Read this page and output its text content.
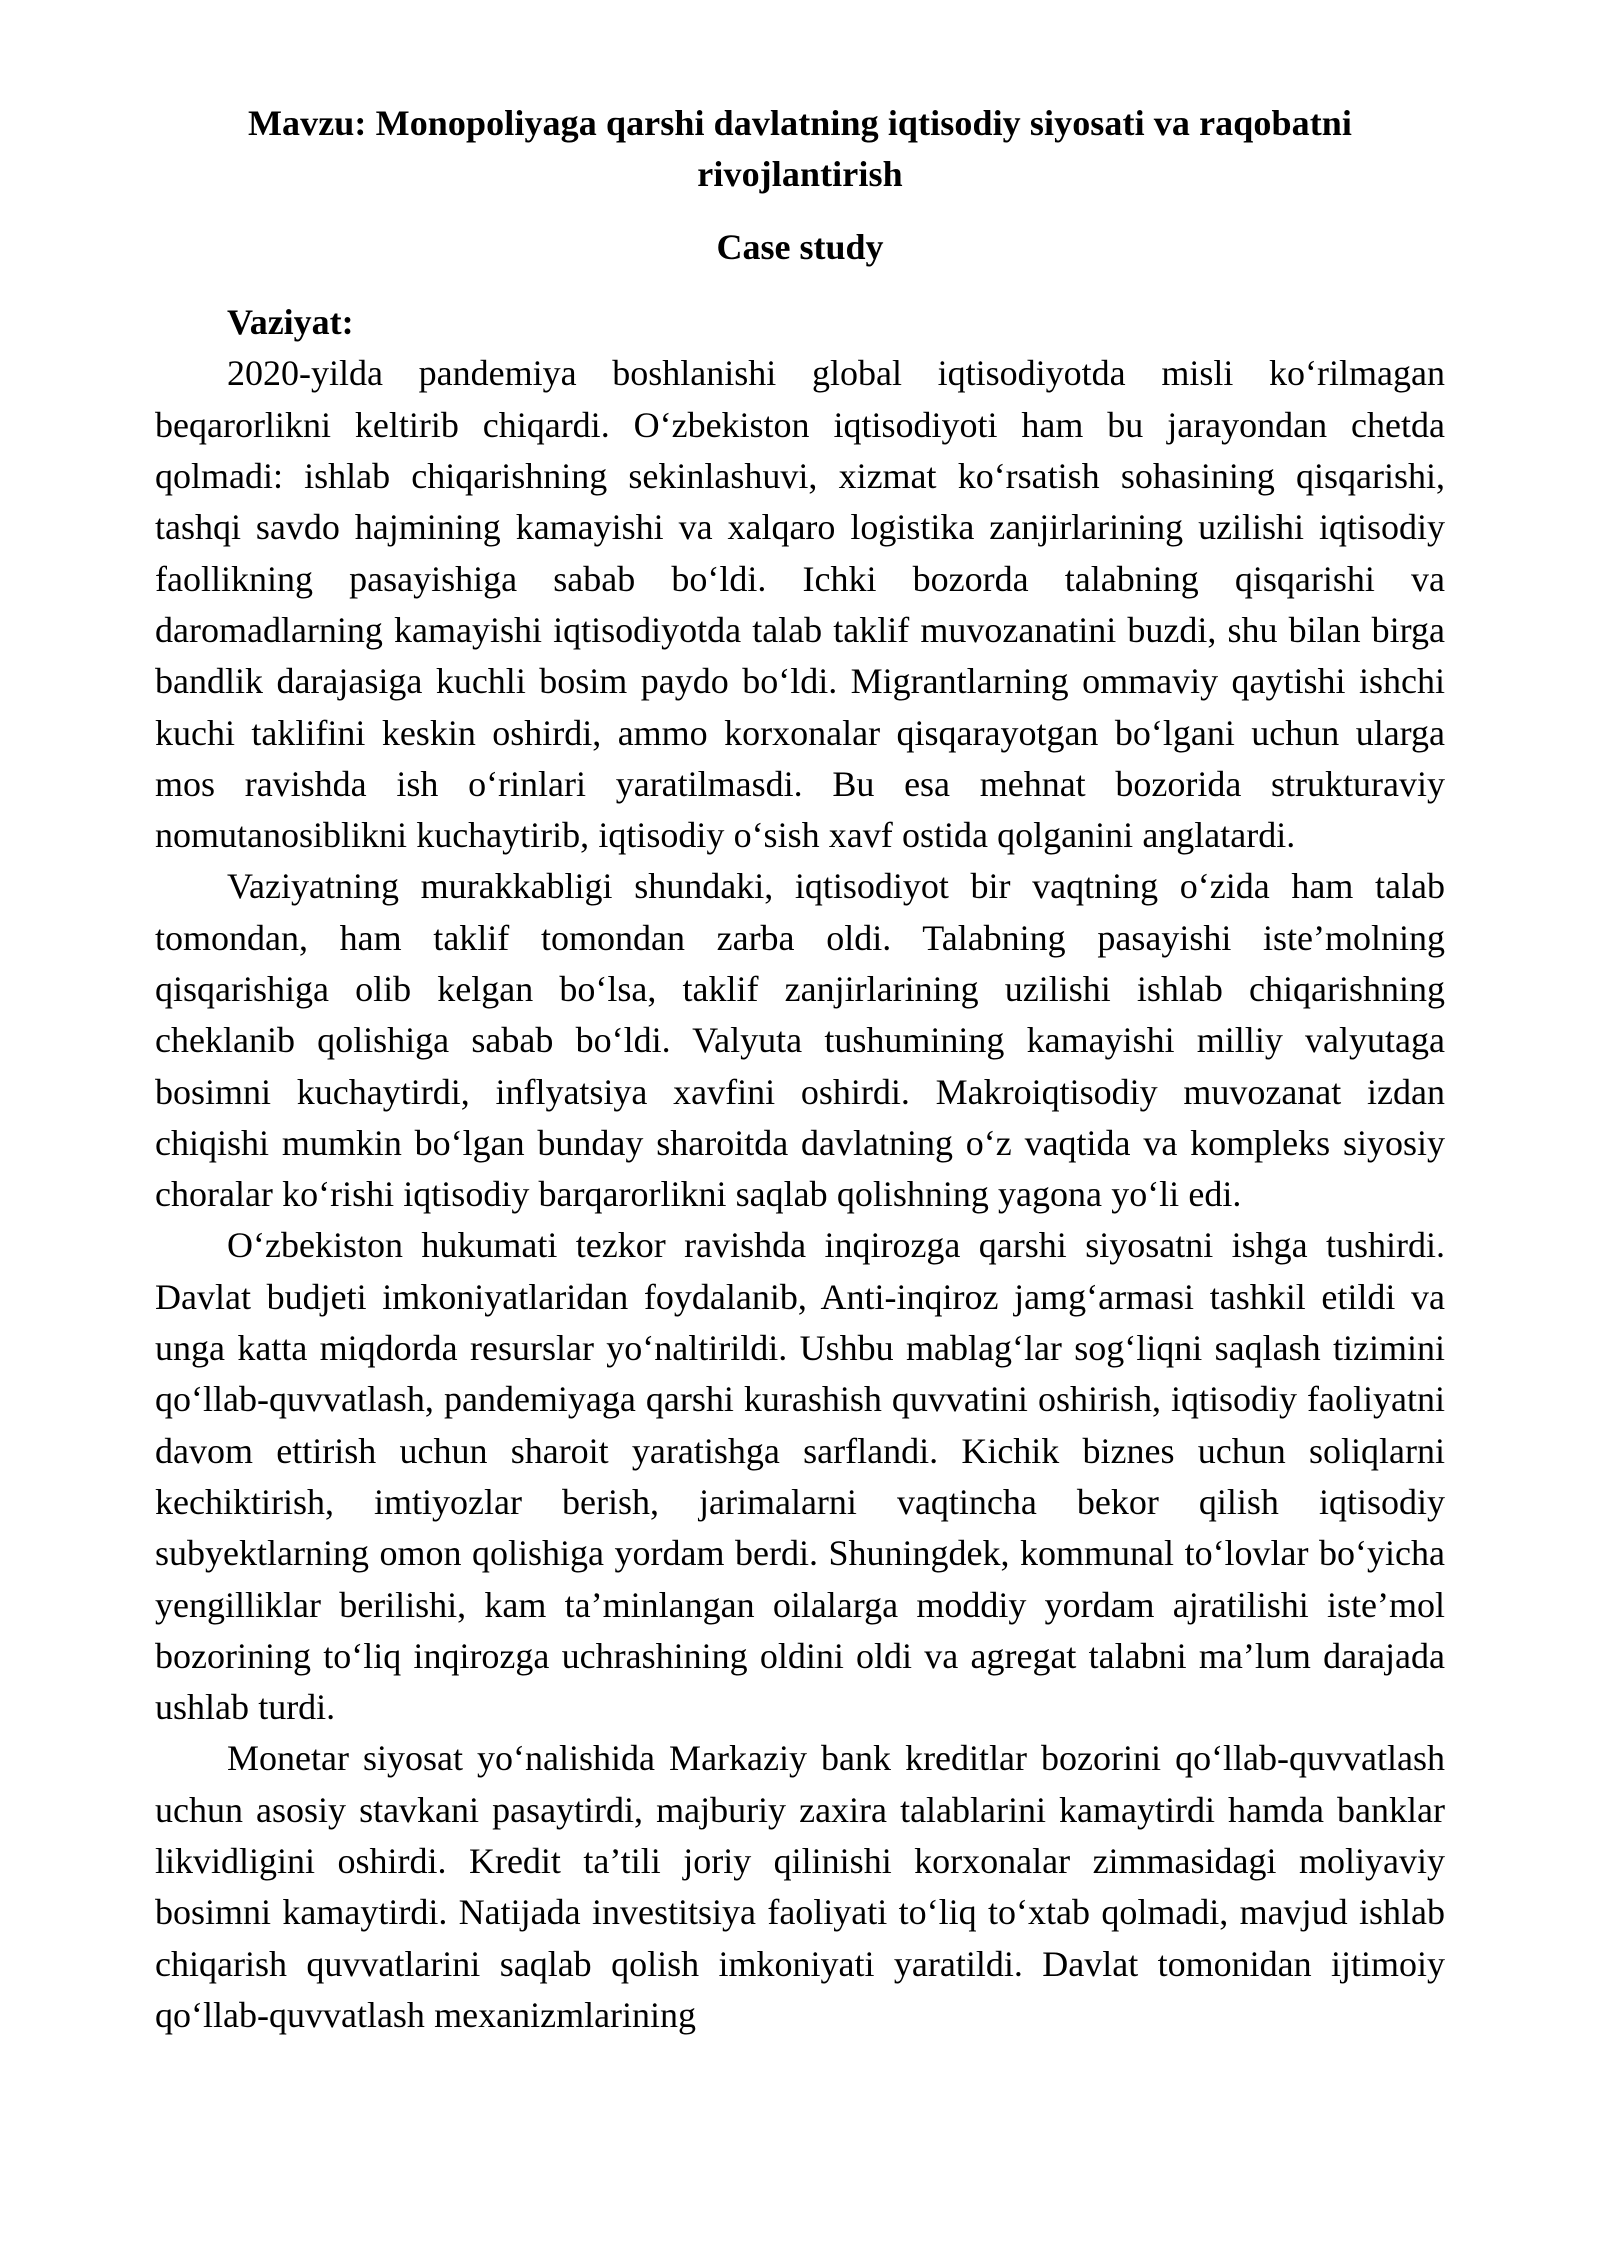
Mavzu: Monopoliyaga qarshi davlatning iqtisodiy siyosati va raqobatni rivojlantirish
Case study
Vaziyat:

2020-yilda pandemiya boshlanishi global iqtisodiyotda misli ko‘rilmagan beqarorlikni keltirib chiqardi. O‘zbekiston iqtisodiyoti ham bu jarayondan chetda qolmadi: ishlab chiqarishning sekinlashuvi, xizmat ko‘rsatish sohasining qisqarishi, tashqi savdo hajmining kamayishi va xalqaro logistika zanjirlarining uzilishi iqtisodiy faollikning pasayishiga sabab bo‘ldi. Ichki bozorda talabning qisqarishi va daromadlarning kamayishi iqtisodiyotda talab taklif muvozanatini buzdi, shu bilan birga bandlik darajasiga kuchli bosim paydo bo‘ldi. Migrantlarning ommaviy qaytishi ishchi kuchi taklifini keskin oshirdi, ammo korxonalar qisqarayotgan bo‘lgani uchun ularga mos ravishda ish o‘rinlari yaratilmasdi. Bu esa mehnat bozorida strukturaviy nomutanosiblikni kuchaytirib, iqtisodiy o‘sish xavf ostida qolganini anglatardi.

Vaziyatning murakkabligi shundaki, iqtisodiyot bir vaqtning o‘zida ham talab tomondan, ham taklif tomondan zarba oldi. Talabning pasayishi iste’molning qisqarishiga olib kelgan bo‘lsa, taklif zanjirlarining uzilishi ishlab chiqarishning cheklanib qolishiga sabab bo‘ldi. Valyuta tushumining kamayishi milliy valyutaga bosimni kuchaytirdi, inflyatsiya xavfini oshirdi. Makroiqtisodiy muvozanat izdan chiqishi mumkin bo‘lgan bunday sharoitda davlatning o‘z vaqtida va kompleks siyosiy choralar ko‘rishi iqtisodiy barqarorlikni saqlab qolishning yagona yo‘li edi.

O‘zbekiston hukumati tezkor ravishda inqirozga qarshi siyosatni ishga tushirdi. Davlat budjeti imkoniyatlaridan foydalanib, Anti-inqiroz jamg‘armasi tashkil etildi va unga katta miqdorda resurslar yo‘naltirildi. Ushbu mablag‘lar sog‘liqni saqlash tizimini qo‘llab-quvvatlash, pandemiyaga qarshi kurashish quvvatini oshirish, iqtisodiy faoliyatni davom ettirish uchun sharoit yaratishga sarflandi. Kichik biznes uchun soliqlarni kechiktirish, imtiyozlar berish, jarimalarni vaqtincha bekor qilish iqtisodiy subyektlarning omon qolishiga yordam berdi. Shuningdek, kommunal to‘lovlar bo‘yicha yengilliklar berilishi, kam ta’minlangan oilalarga moddiy yordam ajratilishi iste’mol bozorining to‘liq inqirozga uchrashining oldini oldi va agregat talabni ma’lum darajada ushlab turdi.

Monetar siyosat yo‘nalishida Markaziy bank kreditlar bozorini qo‘llab-quvvatlash uchun asosiy stavkani pasaytirdi, majburiy zaxira talablarini kamaytirdi hamda banklar likvidligini oshirdi. Kredit ta’tili joriy qilinishi korxonalar zimmasidagi moliyaviy bosimni kamaytirdi. Natijada investitsiya faoliyati to‘liq to‘xtab qolmadi, mavjud ishlab chiqarish quvvatlarini saqlab qolish imkoniyati yaratildi. Davlat tomonidan ijtimoiy qo‘llab-quvvatlash mexanizmlarining
